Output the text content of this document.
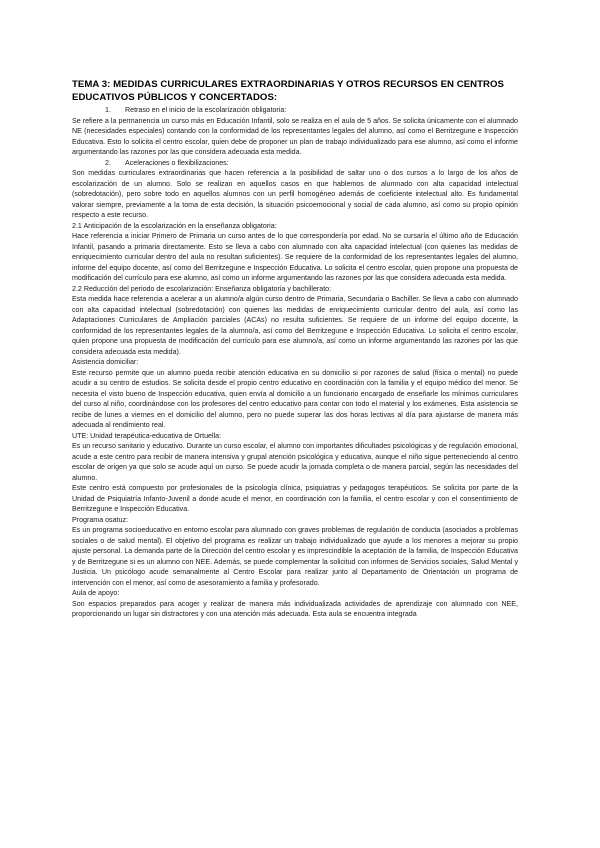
TEMA 3: MEDIDAS CURRICULARES EXTRAORDINARIAS Y OTROS RECURSOS EN CENTROS EDUCATIVOS PÚBLICOS Y CONCERTADOS:
1. Retraso en el inicio de la escolarización obligatoria:

Se refiere a la permanencia un curso más en Educación Infantil, solo se realiza en el aula de 5 años. Se solicita únicamente con el alumnado NE (necesidades especiales) contando con la conformidad de los representantes legales del alumno, así como el Berritzegune e Inspección Educativa. Esto lo solicita el centro escolar, quien debe de proponer un plan de trabajo individualizado para ese alumno, así como el informe argumentando las razones por las que considera adecuada esta medida.

2. Aceleraciones o flexibilizaciones:

Son medidas curriculares extraordinarias que hacen referencia a la posibilidad de saltar uno o dos cursos a lo largo de los años de escolarización de un alumno. Solo se realizan en aquellos casos en que hablemos de alumnado con alta capacidad intelectual (sobredotación), pero sobre todo en aquellos alumnos con un perfil homogéneo además de coeficiente intelectual alto. Es fundamental valorar siempre, previamente a la toma de esta decisión, la situación psicoemocional y social de cada alumno, así como su propio opinión respecto a este recurso.

2.1 Anticipación de la escolarización en la enseñanza obligatoria:

Hace referencia a iniciar Primero de Primaria un curso antes de lo que correspondería por edad. No se cursaría el último año de Educación Infantil, pasando a primaria directamente. Esto se lleva a cabo con alumnado con alta capacidad intelectual (con quienes las medidas de enriquecimiento curricular dentro del aula no resultan suficientes). Se requiere de la conformidad de los representantes legales del alumno, informe del equipo docente, así como del Berritzegune e Inspección Educativa. Lo solicita el centro escolar, quien propone una propuesta de modificación del currículo para ese alumno, así como un informe argumentando las razones por las que considera adecuada esta medida.

2.2 Reducción del periodo de escolarización: Enseñanza obligatoria y bachillerato:

Esta medida hace referencia a acelerar a un alumno/a algún curso dentro de Primaria, Secundaria o Bachiller. Se lleva a cabo con alumnado con alta capacidad intelectual (sobredotación) con quienes las medidas de enriquecimiento curricular dentro del aula, así como las Adaptaciones Curriculares de Ampliación parciales (ACAs) no resulta suficientes. Se requiere de un informe del equipo docente, la conformidad de los representantes legales de la alumno/a, así como del Berritzegune e Inspección Educativa. Lo solicita el centro escolar, quien propone una propuesta de modificación del currículo para ese alumno/a, así como un informe argumentando las razones por las que considera adecuada esta medida).

Asistencia domiciliar:

Este recurso permite que un alumno pueda recibir atención educativa en su domicilio si por razones de salud (física o mental) no puede acudir a su centro de estudios. Se solicita desde el propio centro educativo en coordinación con la familia y el equipo médico del menor. Se necesita el visto bueno de Inspección educativa, quien envía al domicilio a un funcionario encargado de enseñarle los mínimos curriculares del curso al niño, coordinándose con los profesores del centro educativo para contar con todo el material y los exámenes. Esta asistencia se recibe de lunes a viernes en el domicilio del alumno, pero no puede superar las dos horas lectivas al día para ajustarse de manera más adecuada al rendimiento real.

UTE: Unidad terapéutica-educativa de Ortuella:

Es un recurso sanitario y educativo. Durante un curso escolar, el alumno con importantes dificultades psicológicas y de regulación emocional, acude a este centro para recibir de manera intensiva y grupal atención psicológica y educativa, aunque el niño sigue perteneciendo al centro escolar de origen ya que solo se acude aquí un curso. Se puede acudir la jornada completa o de manera parcial, según las necesidades del alumno.

Este centro está compuesto por profesionales de la psicología clínica, psiquiatras y pedagogos terapéuticos. Se solicita por parte de la Unidad de Psiquiatría Infanto-Juvenil a donde acude el menor, en coordinación con la familia, el centro escolar y con el consentimiento de Berritzegune e Inspección Educativa.

Programa osatuz:

Es un programa socioeducativo en entorno escolar para alumnado con graves problemas de regulación de conducta (asociados a problemas sociales o de salud mental). El objetivo del programa es realizar un trabajo individualizado que ayude a los menores a mejorar su propio ajuste personal. La demanda parte de la Dirección del centro escolar y es imprescindible la aceptación de la familia, de Inspección Educativa y de Berritzegune si es un alumno con NEE. Además, se puede complementar la solicitud con informes de Servicios sociales, Salud Mental y Justicia. Un psicólogo acude semanalmente al Centro Escolar para realizar junto al Departamento de Orientación un programa de intervención con el menor, así como de asesoramiento a familia y profesorado.

Aula de apoyo:

Son espacios preparados para acoger y realizar de manera más individualizada actividades de aprendizaje con alumnado con NEE, proporcionando un lugar sin distractores y con una atención más adecuada. Esta aula se encuentra integrada
